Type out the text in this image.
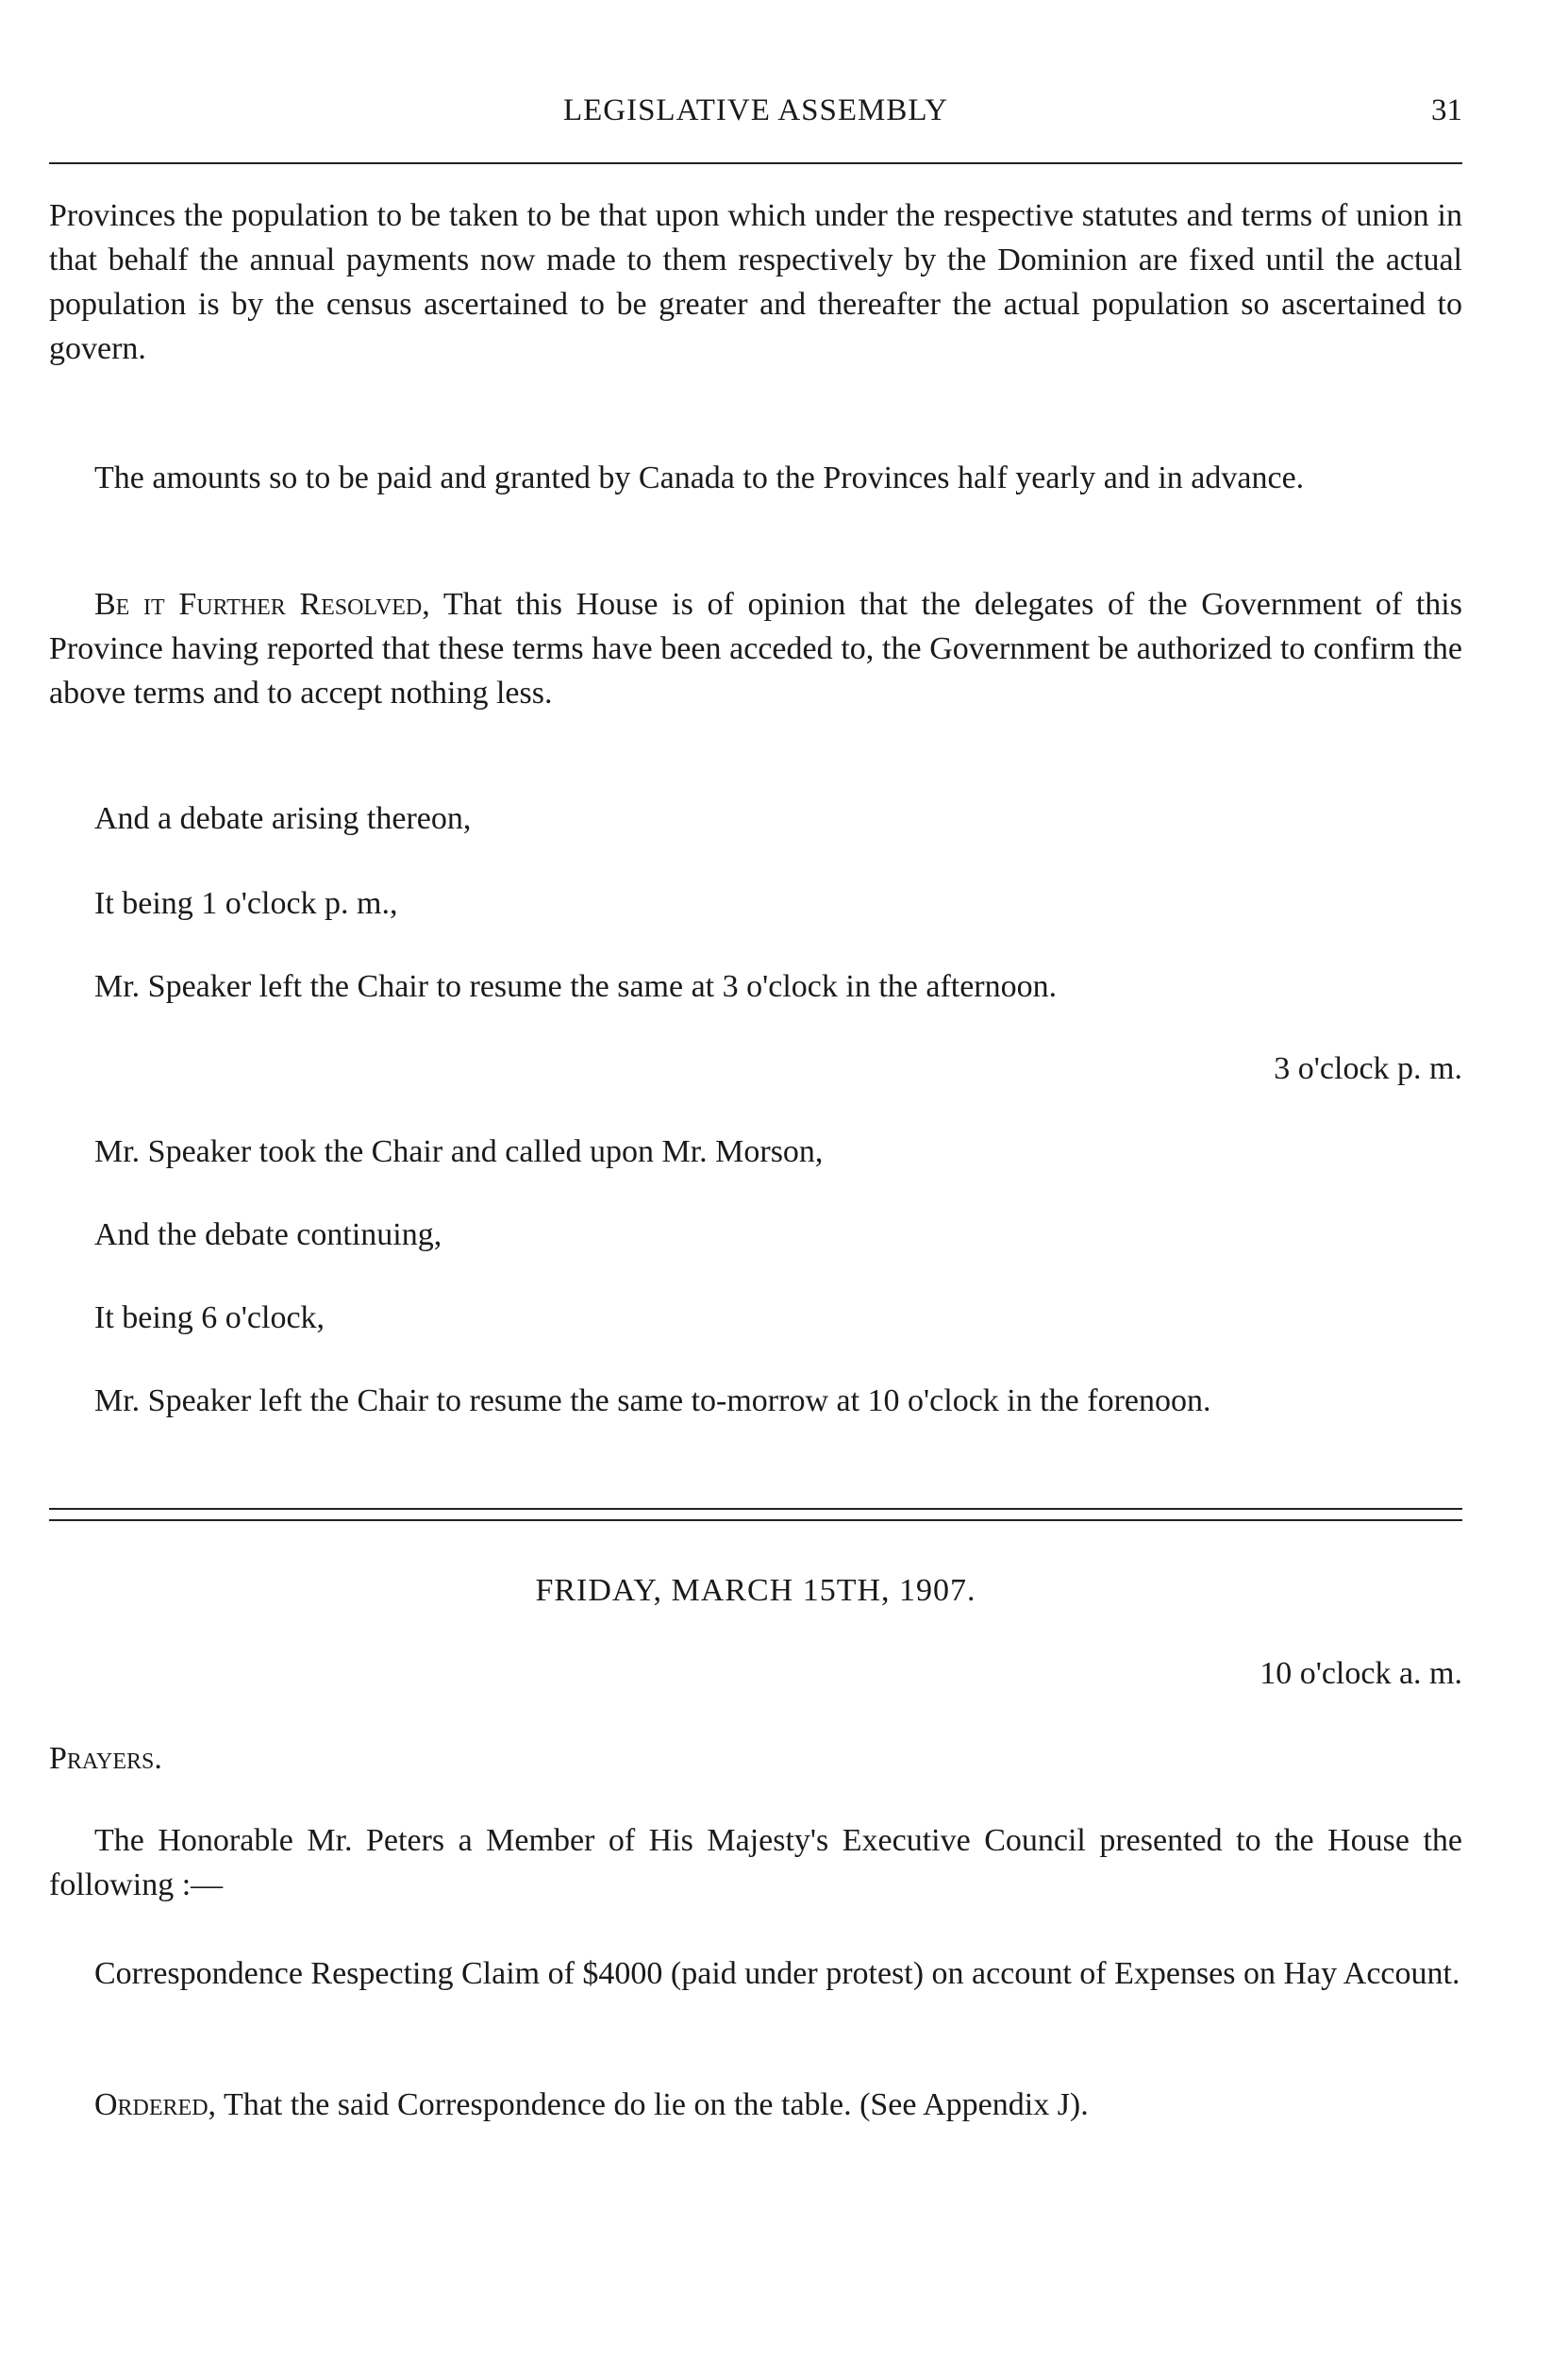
LEGISLATIVE ASSEMBLY	31

Provinces the population to be taken to be that upon which under the respective statutes and terms of union in that behalf the annual payments now made to them respectively by the Dominion are fixed until the actual population is by the census ascertained to be greater and thereafter the actual population so ascertained to govern.

The amounts so to be paid and granted by Canada to the Provinces half yearly and in advance.

Be it Further Resolved, That this House is of opinion that the delegates of the Government of this Province having reported that these terms have been acceded to, the Government be authorized to confirm the above terms and to accept nothing less.

And a debate arising thereon,

It being 1 o'clock p. m.,

Mr. Speaker left the Chair to resume the same at 3 o'clock in the afternoon.

3 o'clock p. m.

Mr. Speaker took the Chair and called upon Mr. Morson,

And the debate continuing,

It being 6 o'clock,

Mr. Speaker left the Chair to resume the same to-morrow at 10 o'clock in the forenoon.

FRIDAY, MARCH 15TH, 1907.
10 o'clock a. m.

Prayers.

The Honorable Mr. Peters a Member of His Majesty's Executive Council presented to the House the following :—

Correspondence Respecting Claim of $4000 (paid under protest) on account of Expenses on Hay Account.

Ordered, That the said Correspondence do lie on the table. (See Appendix J).
